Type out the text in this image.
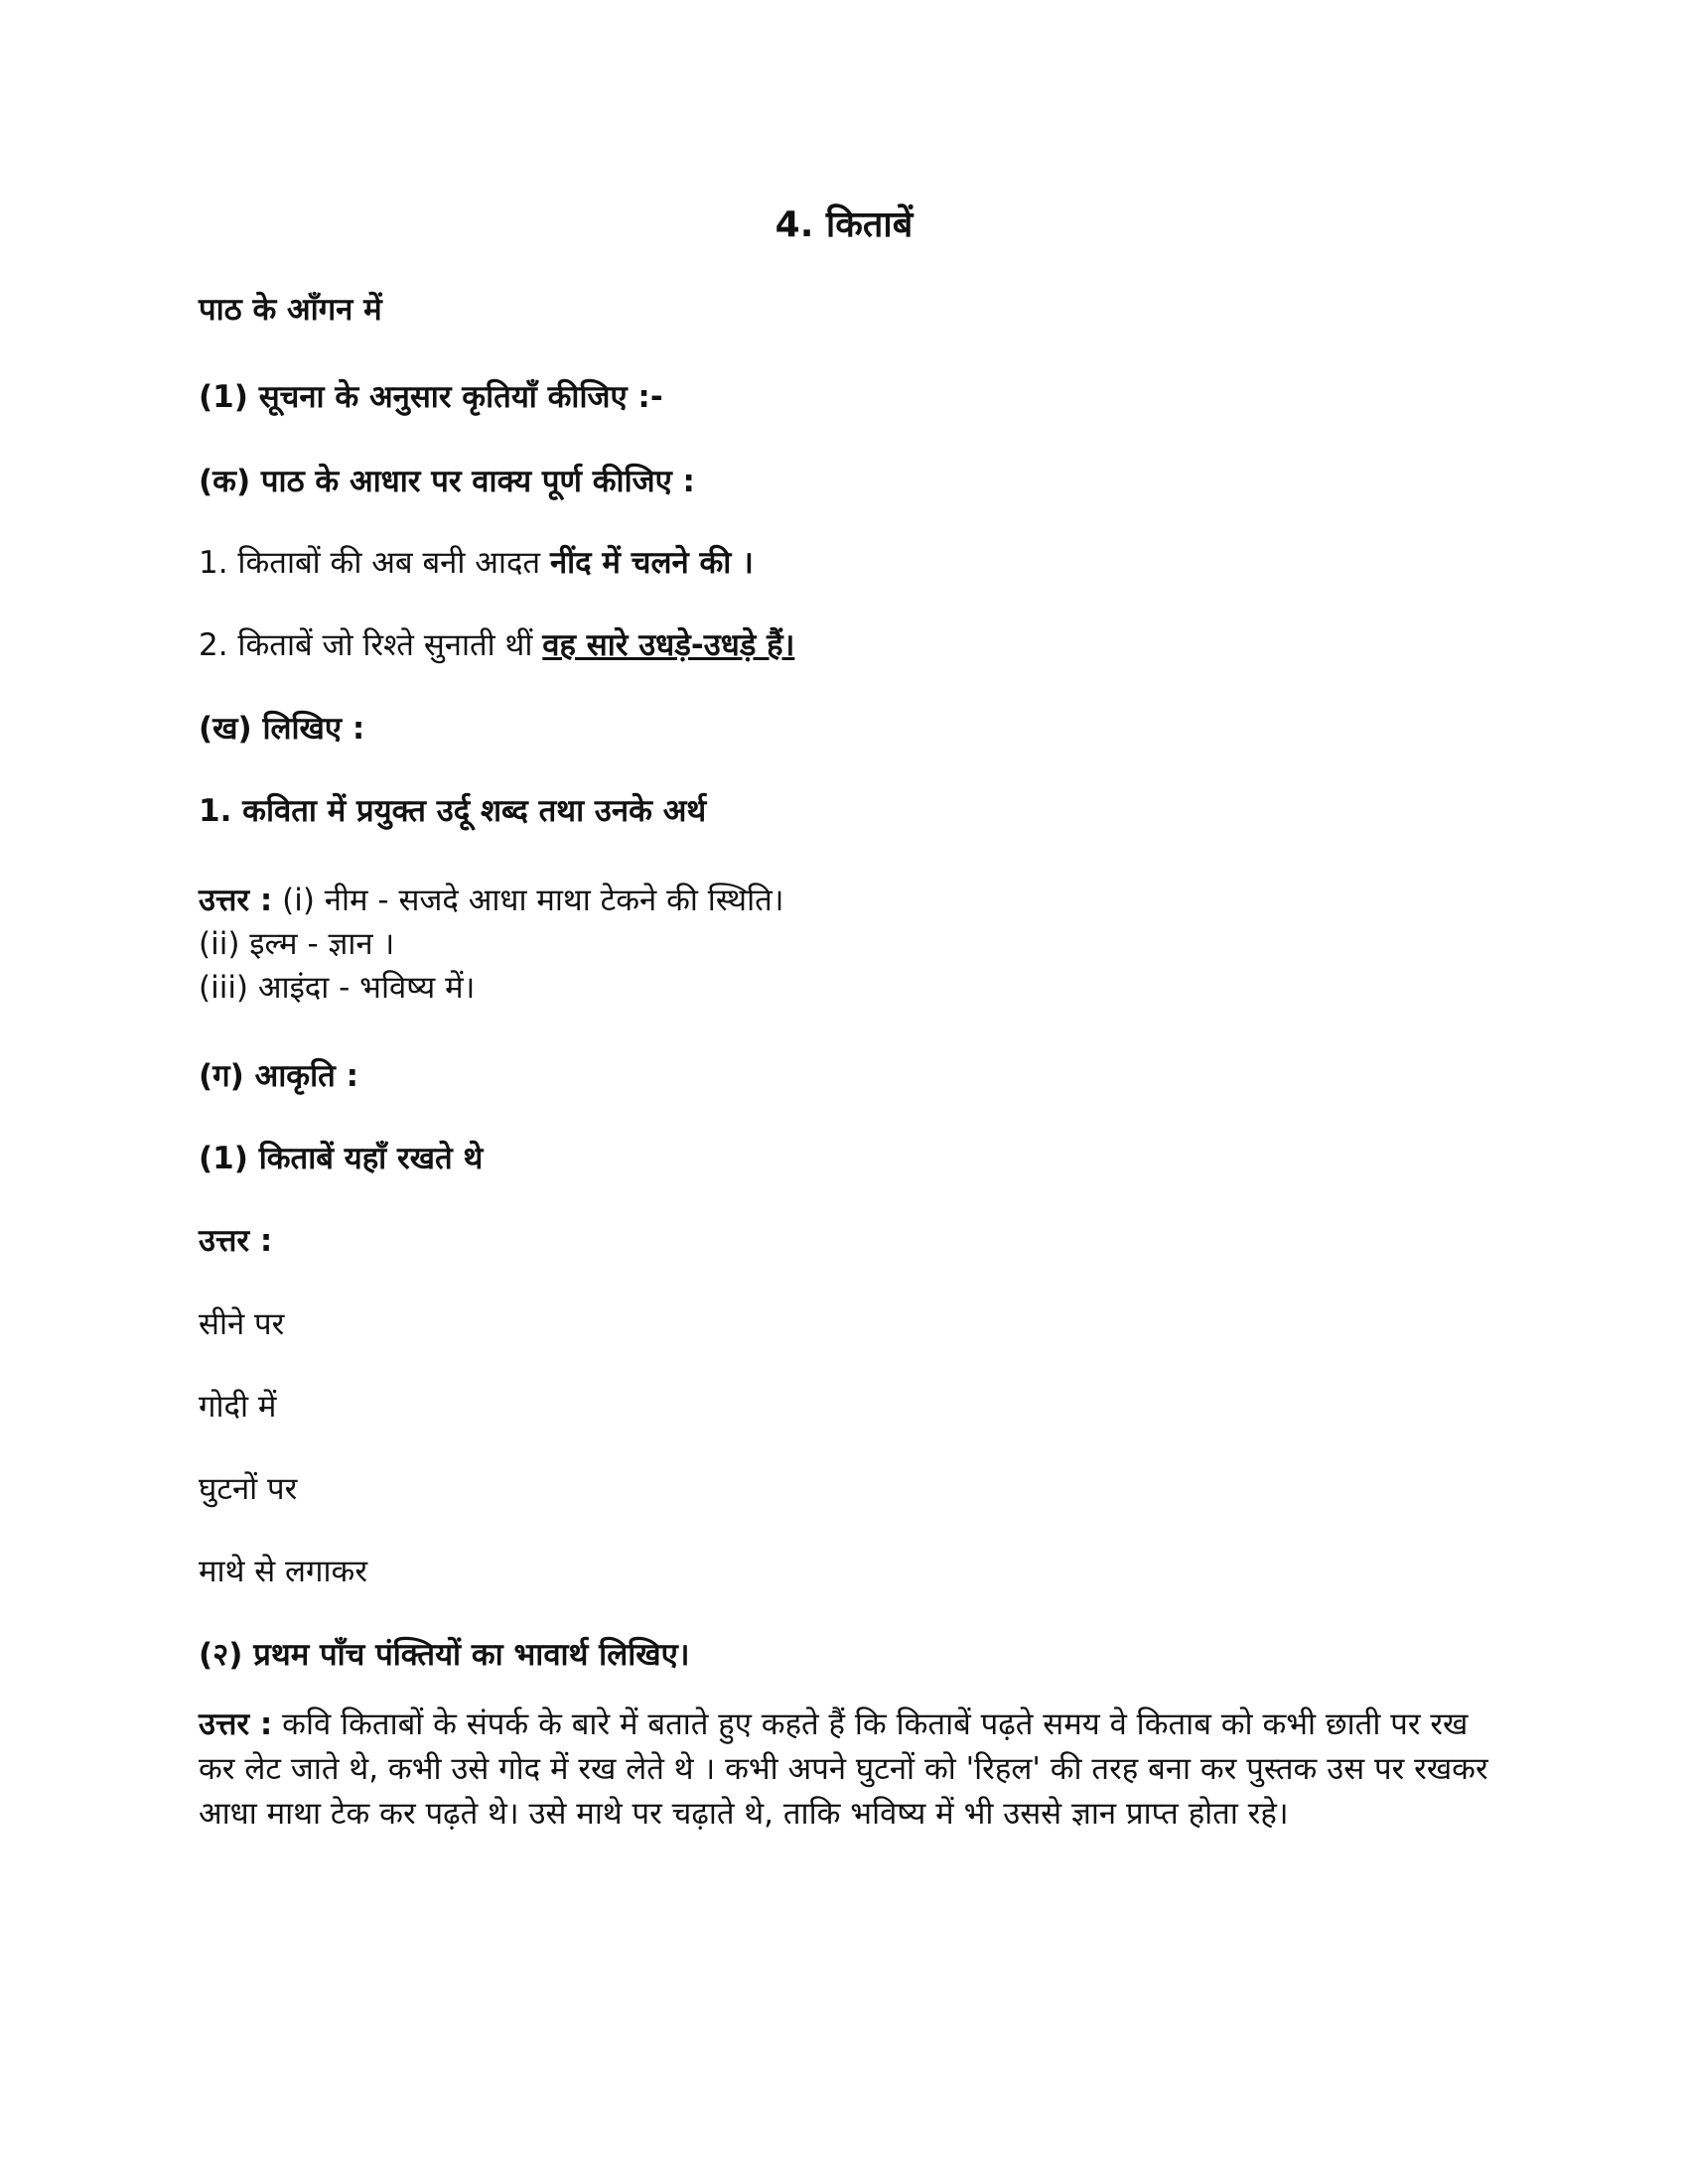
4. किताबें

पाठ के आँगन में

(1) सूचना के अनुसार कृतियाँ कीजिए :-

(क) पाठ के आधार पर वाक्य पूर्ण कीजिए :

1. किताबों की अब बनी आदत नींद में चलने की ।

2. किताबें जो रिश्ते सुनाती थीं वह सारे उधड़े-उधड़े हैं।

(ख) लिखिए :

1. कविता में प्रयुक्त उर्दू शब्द तथा उनके अर्थ

उत्तर : (i) नीम - सजदे आधा माथा टेकने की स्थिति।

(ii) इल्म - ज्ञान ।

(iii) आइंदा - भविष्य में।

(ग) आकृति :

(1) किताबें यहाँ रखते थे

उत्तर :

सीने पर

गोदी में

घुटनों पर

माथे से लगाकर

(२) प्रथम पाँच पंक्तियों का भावार्थ लिखिए।

उत्तर : कवि किताबों के संपर्क के बारे में बताते हुए कहते हैं कि किताबें पढ़ते समय वे किताब को कभी छाती पर रख कर लेट जाते थे, कभी उसे गोद में रख लेते थे । कभी अपने घुटनों को 'रिहल' की तरह बना कर पुस्तक उस पर रखकर आधा माथा टेक कर पढ़ते थे। उसे माथे पर चढ़ाते थे, ताकि भविष्य में भी उससे ज्ञान प्राप्त होता रहे।
